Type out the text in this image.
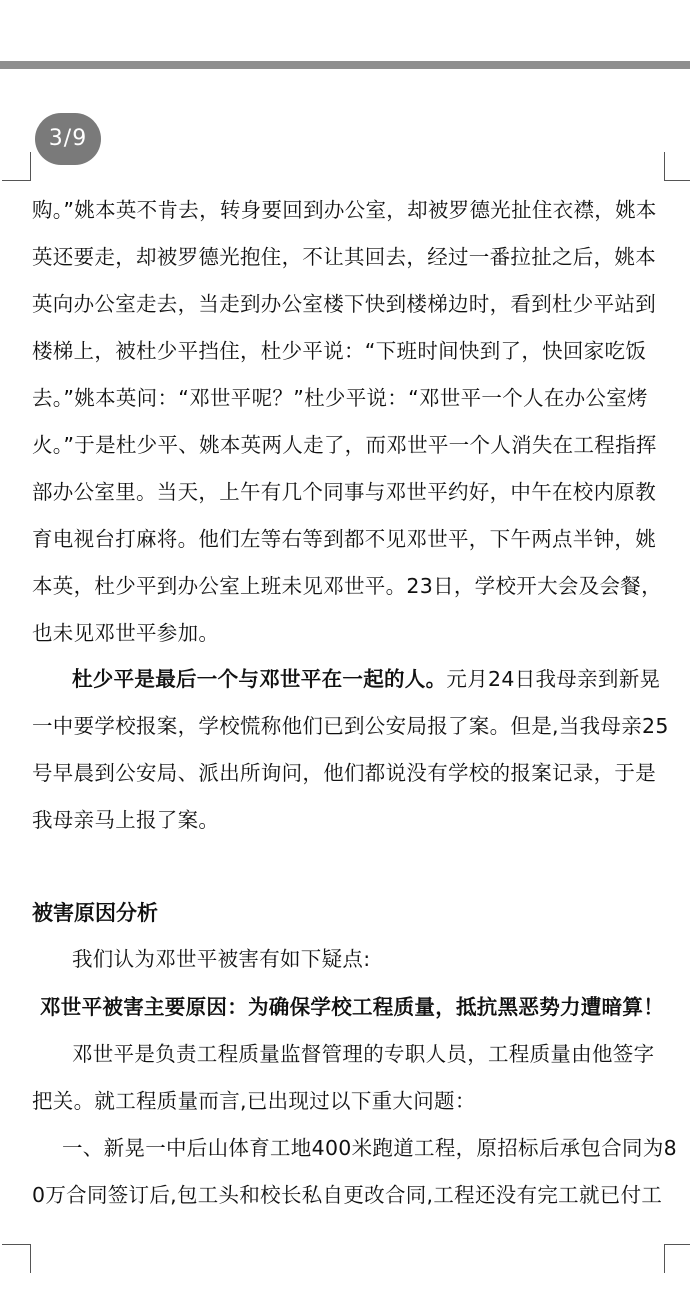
3/9
购。”姚本英不肯去，转身要回到办公室，却被罗德光扯住衣襟，姚本
英还要走，却被罗德光抱住，不让其回去，经过一番拉扯之后，姚本
英向办公室走去，当走到办公室楼下快到楼梯边时，看到杜少平站到
楼梯上，被杜少平挡住，杜少平说：“下班时间快到了，快回家吃饭
去。”姚本英问：“邓世平呢？”杜少平说：“邓世平一个人在办公室烤
火。”于是杜少平、姚本英两人走了，而邓世平一个人消失在工程指挥
部办公室里。当天，上午有几个同事与邓世平约好，中午在校内原教
育电视台打麻将。他们左等右等到都不见邓世平，下午两点半钟，姚
本英，杜少平到办公室上班未见邓世平。23日，学校开大会及会餐，
也未见邓世平参加。
杜少平是最后一个与邓世平在一起的人。元月24日我母亲到新晃
一中要学校报案，学校慌称他们已到公安局报了案。但是,当我母亲25
号早晨到公安局、派出所询问，他们都说没有学校的报案记录，于是
我母亲马上报了案。
被害原因分析
我们认为邓世平被害有如下疑点:
邓世平被害主要原因：为确保学校工程质量，抵抗黑恶势力遭暗算！
邓世平是负责工程质量监督管理的专职人员，工程质量由他签字
把关。就工程质量而言,已出现过以下重大问题：
一、新晃一中后山体育工地400米跑道工程，原招标后承包合同为8
0万合同签订后,包工头和校长私自更改合同,工程还没有完工就已付工
